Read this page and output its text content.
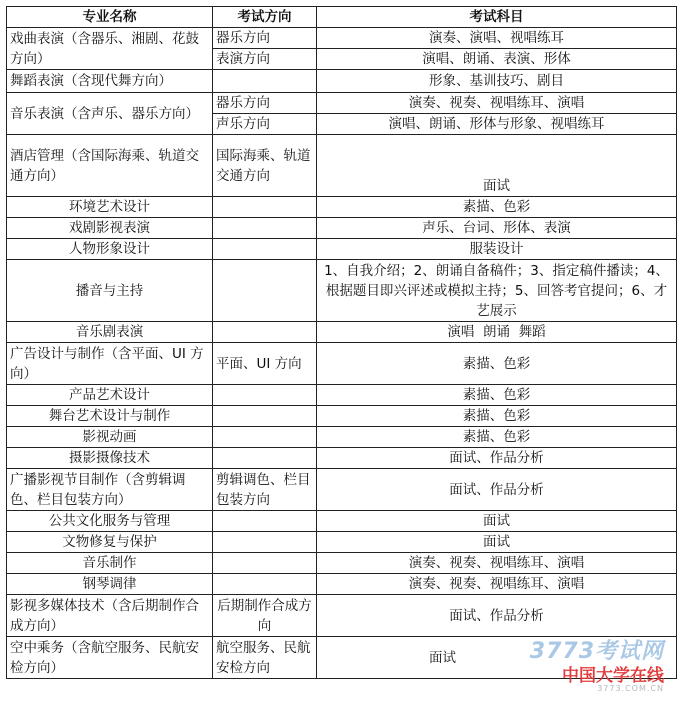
专业名称	考试方向	考试科目
戏曲表演（含器乐、湘剧、花鼓方向）	器乐方向	演奏、演唱、视唱练耳
	表演方向	演唱、朗诵、表演、形体
舞蹈表演（含现代舞方向）		形象、基训技巧、剧目
音乐表演（含声乐、器乐方向）	器乐方向	演奏、视奏、视唱练耳、演唱
	声乐方向	演唱、朗诵、形体与形象、视唱练耳
酒店管理（含国际海乘、轨道交通方向）	国际海乘、轨道交通方向	面试
环境艺术设计		素描、色彩
戏剧影视表演		声乐、台词、形体、表演
人物形象设计		服装设计
播音与主持		1、自我介绍；2、朗诵自备稿件；3、指定稿件播读；4、根据题目即兴评述或模拟主持；5、回答考官提问；6、才艺展示
音乐剧表演		演唱  朗诵  舞蹈
广告设计与制作（含平面、UI 方向）	平面、UI 方向	素描、色彩
产品艺术设计		素描、色彩
舞台艺术设计与制作		素描、色彩
影视动画		素描、色彩
摄影摄像技术		面试、作品分析
广播影视节目制作（含剪辑调色、栏目包装方向）	剪辑调色、栏目包装方向	面试、作品分析
公共文化服务与管理		面试
文物修复与保护		面试
音乐制作		演奏、视奏、视唱练耳、演唱
钢琴调律		演奏、视奏、视唱练耳、演唱
影视多媒体技术（含后期制作合成方向）	后期制作合成方向	面试、作品分析
空中乘务（含航空服务、民航安检方向）	航空服务、民航安检方向	面试	3773考试网
中国大学在线
3773.COM.CN
